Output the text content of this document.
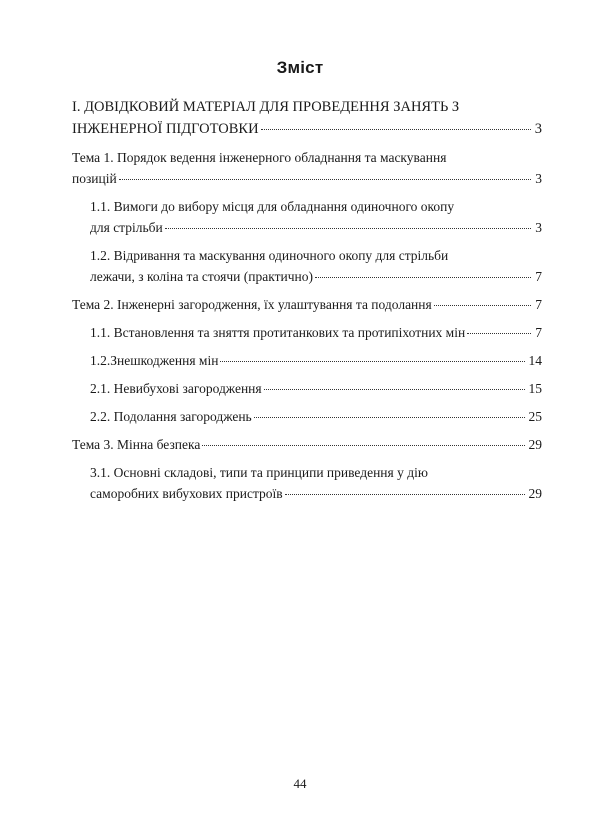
Зміст
І. ДОВІДКОВИЙ МАТЕРІАЛ ДЛЯ ПРОВЕДЕННЯ ЗАНЯТЬ З
ІНЖЕНЕРНОЇ ПІДГОТОВКИ	3
Тема 1. Порядок ведення інженерного обладнання та маскування
позицій	3
1.1. Вимоги до вибору місця для обладнання одиночного окопу
для стрільби	3
1.2. Відривання та маскування одиночного окопу для стрільби
лежачи, з коліна та стоячи (практично)	7
Тема 2. Інженерні загородження, їх улаштування та подолання	7
1.1. Встановлення та зняття протитанкових та протипіхотних мін	7
1.2.Знешкодження мін	14
2.1. Невибухові загородження	15
2.2. Подолання загороджень	25
Тема 3. Мінна безпека	29
3.1. Основні складові, типи та принципи приведення у дію
саморобних вибухових пристроїв	29
44
